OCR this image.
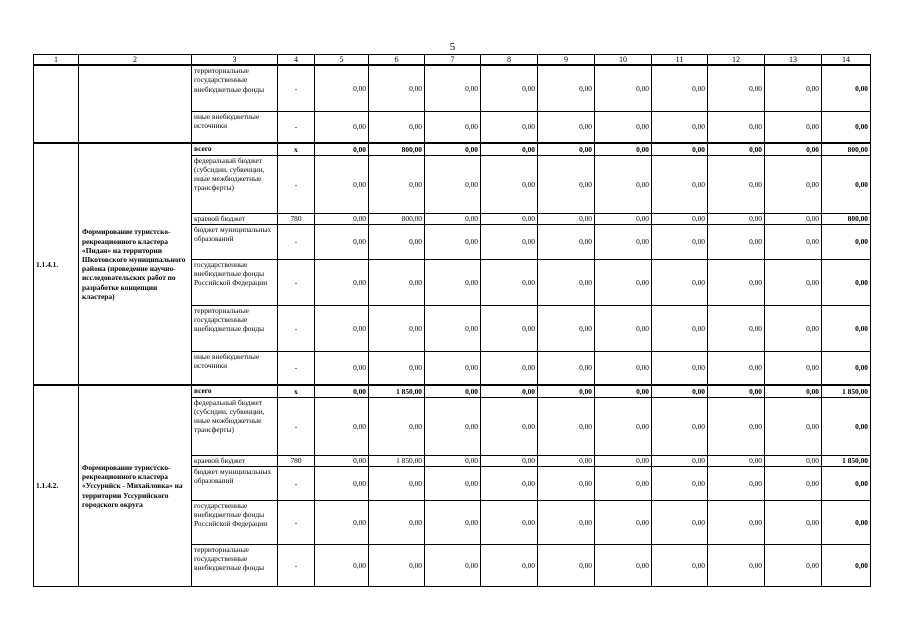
5
1	2	3	4	5	6	7	8	9	10	11	12	13	14
		территориальные государственные внебюджетные фонды	-	0,00	0,00	0,00	0,00	0,00	0,00	0,00	0,00	0,00	0,00
		иные внебюджетные источники	-	0,00	0,00	0,00	0,00	0,00	0,00	0,00	0,00	0,00	0,00
1.1.4.1.	Формирование туристско-рекреационного кластера «Пидан» на территории Шкотовского муниципального района (проведение научно-исследовательских работ по разработке концепции кластера)	всего	x	0,00	800,00	0,00	0,00	0,00	0,00	0,00	0,00	0,00	800,00
		федеральный бюджет (субсидии, субвенции, иные межбюджетные трансферты)	-	0,00	0,00	0,00	0,00	0,00	0,00	0,00	0,00	0,00	0,00
		краевой бюджет	780	0,00	800,00	0,00	0,00	0,00	0,00	0,00	0,00	0,00	800,00
		бюджет муниципальных образований	-	0,00	0,00	0,00	0,00	0,00	0,00	0,00	0,00	0,00	0,00
		государственные внебюджетные фонды Российской Федерации	-	0,00	0,00	0,00	0,00	0,00	0,00	0,00	0,00	0,00	0,00
		территориальные государственные внебюджетные фонды	-	0,00	0,00	0,00	0,00	0,00	0,00	0,00	0,00	0,00	0,00
		иные внебюджетные источники	-	0,00	0,00	0,00	0,00	0,00	0,00	0,00	0,00	0,00	0,00
1.1.4.2.	Формирование туристско-рекреационного кластера «Уссурийск - Михайловка» на территории Уссурийского городского округа	всего	x	0,00	1 850,00	0,00	0,00	0,00	0,00	0,00	0,00	0,00	1 850,00
		федеральный бюджет (субсидии, субвенции, иные межбюджетные трансферты)	-	0,00	0,00	0,00	0,00	0,00	0,00	0,00	0,00	0,00	0,00
		краевой бюджет	780	0,00	1 850,00	0,00	0,00	0,00	0,00	0,00	0,00	0,00	1 850,00
		бюджет муниципальных образований	-	0,00	0,00	0,00	0,00	0,00	0,00	0,00	0,00	0,00	0,00
		государственные внебюджетные фонды Российской Федерации	-	0,00	0,00	0,00	0,00	0,00	0,00	0,00	0,00	0,00	0,00
		территориальные государственные внебюджетные фонды	-	0,00	0,00	0,00	0,00	0,00	0,00	0,00	0,00	0,00	0,00
